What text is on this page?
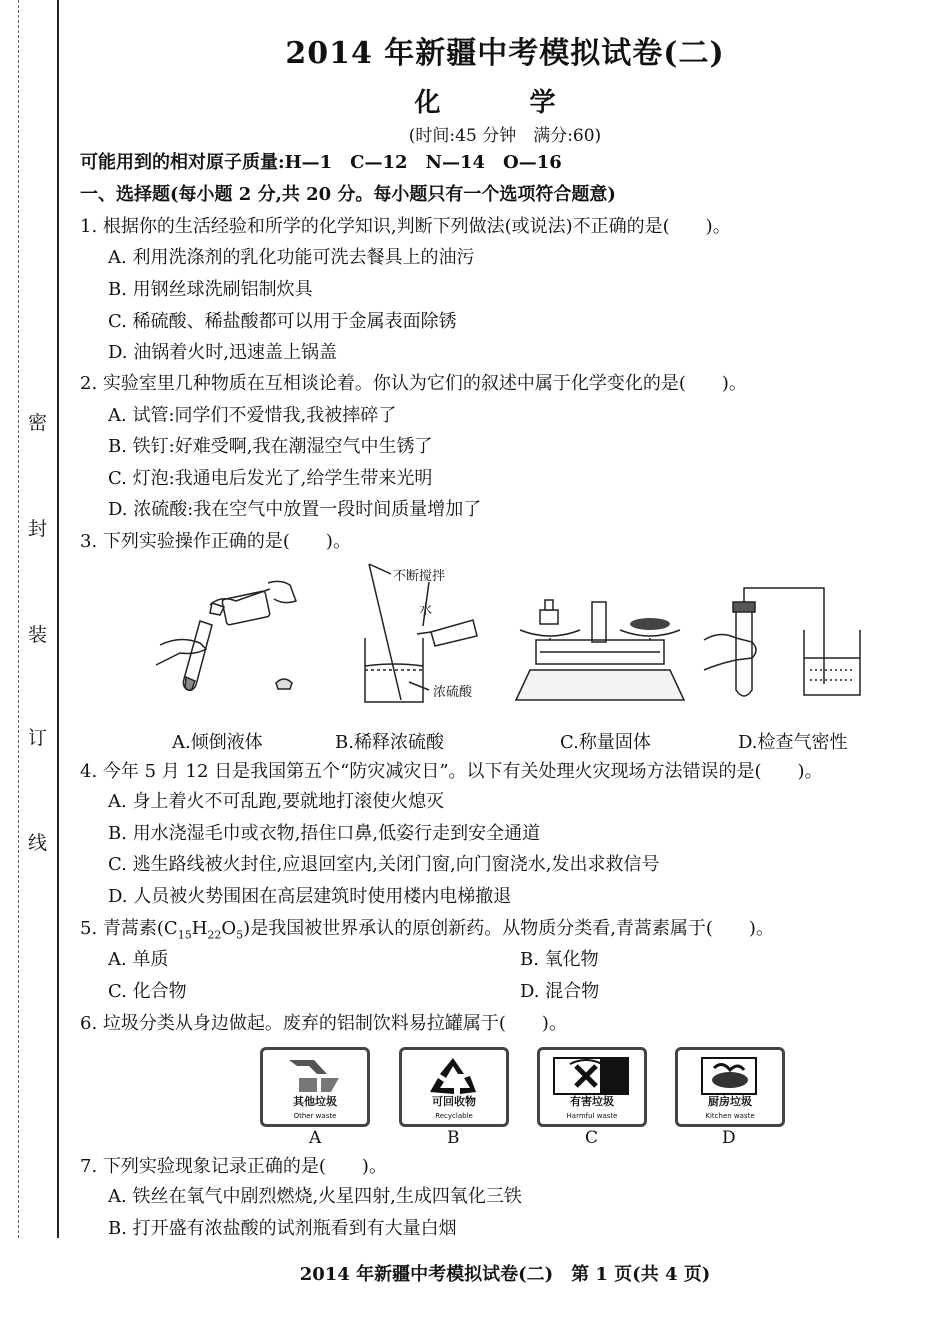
密
封
装
订
线
2014 年新疆中考模拟试卷(二)
化 学
(时间:45 分钟　满分:60)
可能用到的相对原子质量:H—1　C—12　N—14　O—16
一、选择题(每小题 2 分,共 20 分。每小题只有一个选项符合题意)
1. 根据你的生活经验和所学的化学知识,判断下列做法(或说法)不正确的是(　　)。
A. 利用洗涤剂的乳化功能可洗去餐具上的油污
B. 用钢丝球洗刷铝制炊具
C. 稀硫酸、稀盐酸都可以用于金属表面除锈
D. 油锅着火时,迅速盖上锅盖
2. 实验室里几种物质在互相谈论着。你认为它们的叙述中属于化学变化的是(　　)。
A. 试管:同学们不爱惜我,我被摔碎了
B. 铁钉:好难受啊,我在潮湿空气中生锈了
C. 灯泡:我通电后发光了,给学生带来光明
D. 浓硫酸:我在空气中放置一段时间质量增加了
3. 下列实验操作正确的是(　　)。
不断搅拌
水
浓硫酸
A.倾倒液体	B.稀释浓硫酸	C.称量固体	D.检查气密性
4. 今年 5 月 12 日是我国第五个“防灾减灾日”。以下有关处理火灾现场方法错误的是(　　)。
A. 身上着火不可乱跑,要就地打滚使火熄灭
B. 用水浇湿毛巾或衣物,捂住口鼻,低姿行走到安全通道
C. 逃生路线被火封住,应退回室内,关闭门窗,向门窗浇水,发出求救信号
D. 人员被火势围困在高层建筑时使用楼内电梯撤退
5. 青蒿素$(C_{15}H_{22}O_5)$是我国被世界承认的原创新药。从物质分类看,青蒿素属于(　　)。
A. 单质	B. 氧化物
C. 化合物	D. 混合物
6. 垃圾分类从身边做起。废弃的铝制饮料易拉罐属于(　　)。
其他垃圾
Other waste
可回收物
Recyclable
有害垃圾
Harmful waste
厨房垃圾
Kitchen waste
A	B	C	D
7. 下列实验现象记录正确的是(　　)。
A. 铁丝在氧气中剧烈燃烧,火星四射,生成四氧化三铁
B. 打开盛有浓盐酸的试剂瓶看到有大量白烟
2014 年新疆中考模拟试卷(二)　第 1 页(共 4 页)
